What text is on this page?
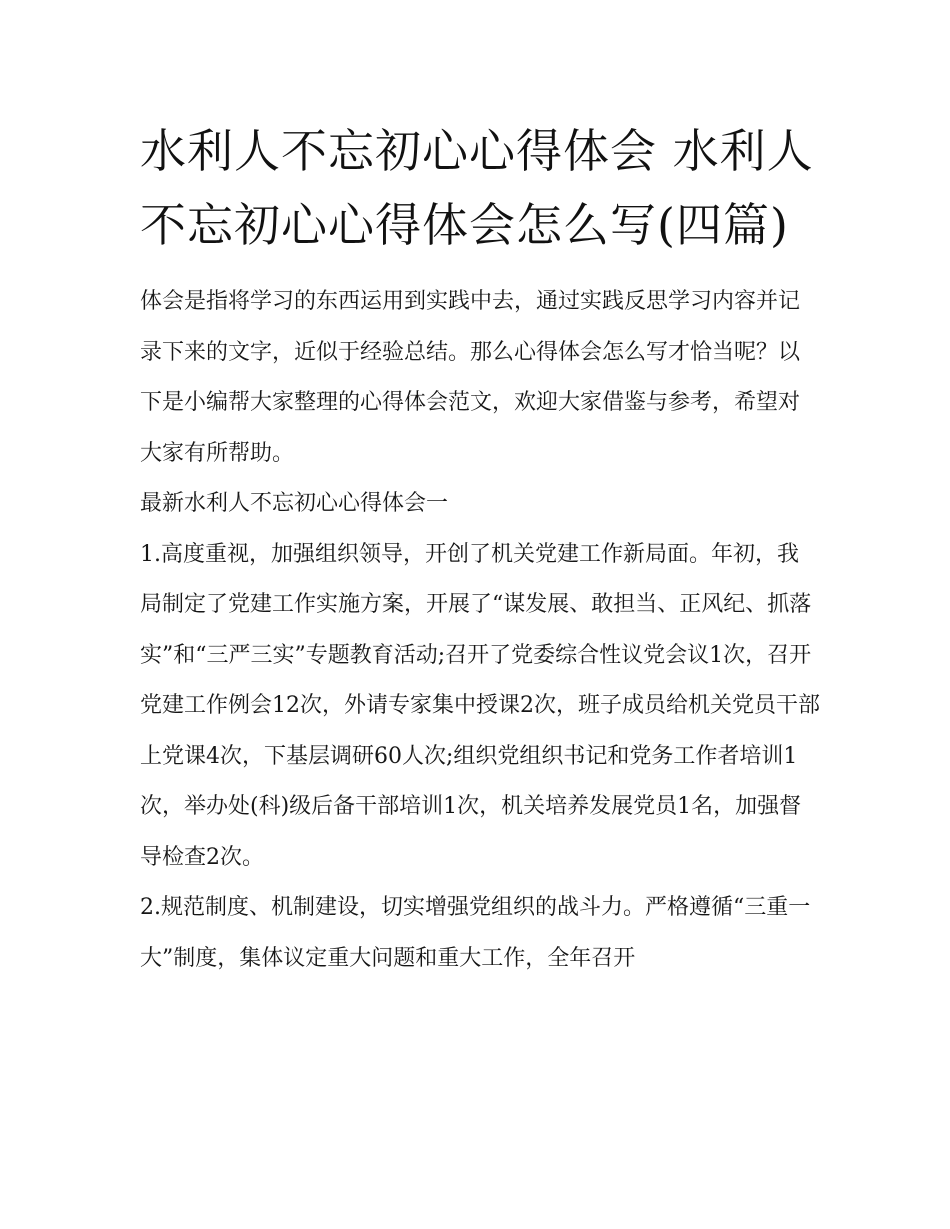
水利人不忘初心心得体会 水利人不忘初心心得体会怎么写(四篇)

体会是指将学习的东西运用到实践中去，通过实践反思学习内容并记录下来的文字，近似于经验总结。那么心得体会怎么写才恰当呢？以下是小编帮大家整理的心得体会范文，欢迎大家借鉴与参考，希望对大家有所帮助。

最新水利人不忘初心心得体会一

1.高度重视，加强组织领导，开创了机关党建工作新局面。年初，我局制定了党建工作实施方案，开展了“谋发展、敢担当、正风纪、抓落实”和“三严三实”专题教育活动;召开了党委综合性议党会议1次，召开党建工作例会12次，外请专家集中授课2次，班子成员给机关党员干部上党课4次，下基层调研60人次;组织党组织书记和党务工作者培训1次，举办处(科)级后备干部培训1次，机关培养发展党员1名，加强督导检查2次。

2.规范制度、机制建设，切实增强党组织的战斗力。严格遵循“三重一大”制度，集体议定重大问题和重大工作，全年召开
